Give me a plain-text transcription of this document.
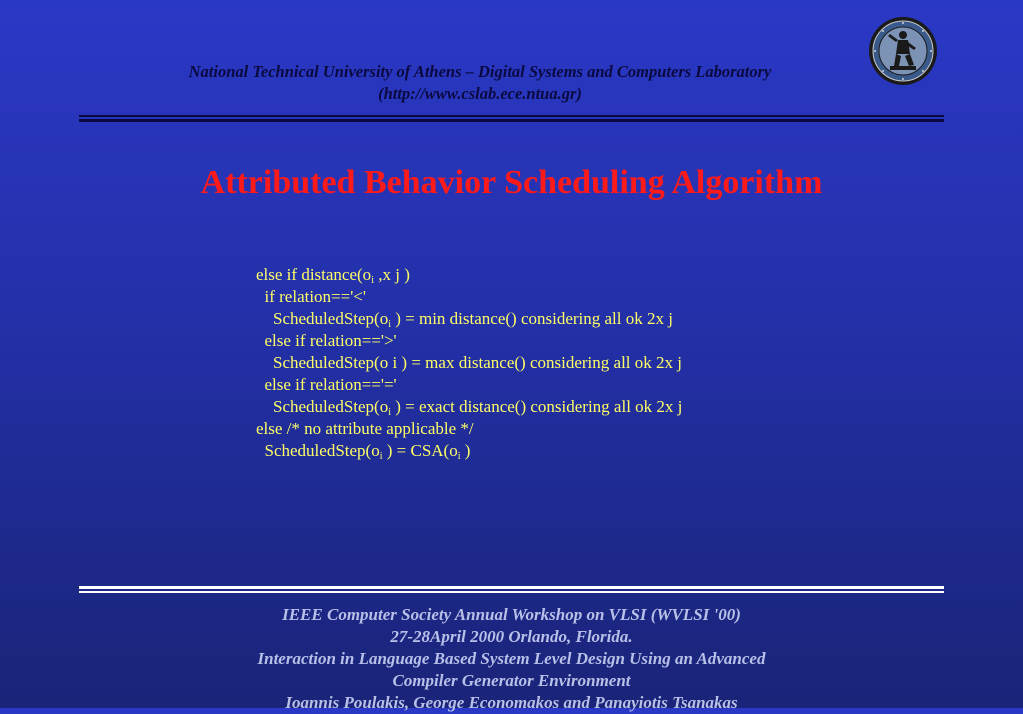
National Technical University of Athens – Digital Systems and Computers Laboratory
(http://www.cslab.ece.ntua.gr)
Attributed Behavior Scheduling Algorithm
else if $distance(o_i$ ,x j )
if relation=='<'
$ScheduledStep(o_i$ ) = min distance() considering all ok 2x j
else if relation=='>'
ScheduledStep(o i ) = max distance() considering all ok 2x j
else if relation=='='
$ScheduledStep(o_i$ ) = exact distance() considering all ok 2x j
else /* no attribute applicable */
$ScheduledStep(o_i$ ) = $CSA(o_i$ )
IEEE Computer Society Annual Workshop on VLSI (WVLSI '00)
27-28April 2000 Orlando, Florida.
Interaction in Language Based System Level Design Using an Advanced
Compiler Generator Environment
Ioannis Poulakis, George Economakos and Panayiotis Tsanakas
